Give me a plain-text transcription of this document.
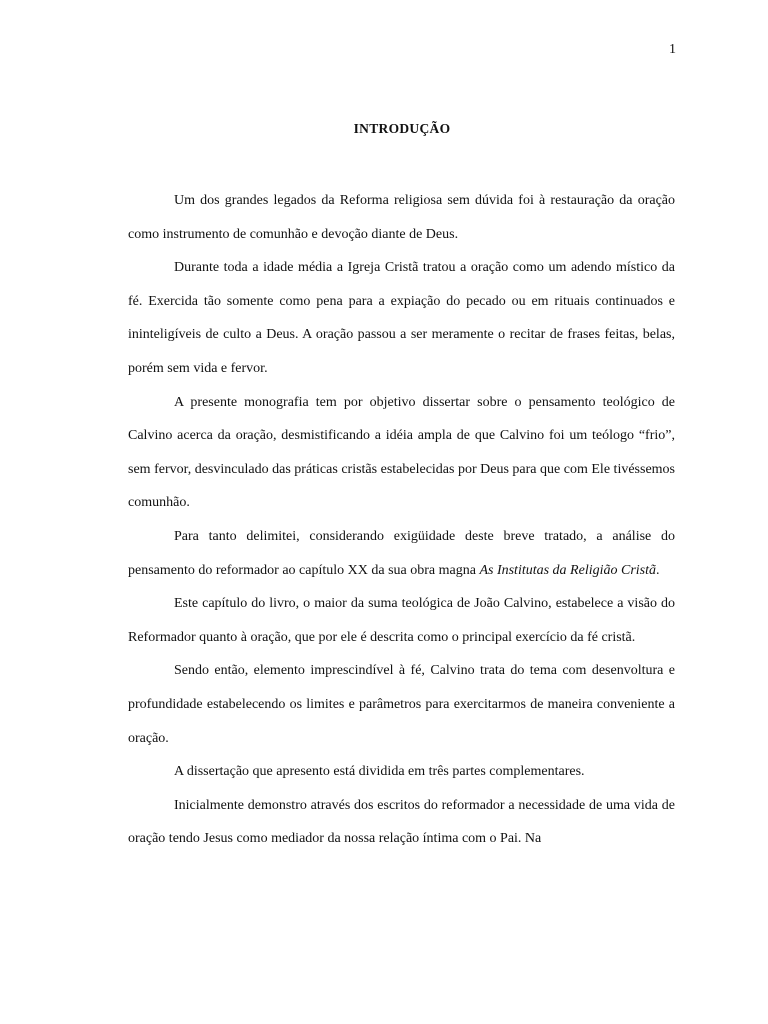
1
INTRODUÇÃO

Um dos grandes legados da Reforma religiosa sem dúvida foi à restauração da oração como instrumento de comunhão e devoção diante de Deus.

Durante toda a idade média a Igreja Cristã tratou a oração como um adendo místico da fé. Exercida tão somente como pena para a expiação do pecado ou em rituais continuados e ininteligíveis de culto a Deus. A oração passou a ser meramente o recitar de frases feitas, belas, porém sem vida e fervor.

A presente monografia tem por objetivo dissertar sobre o pensamento teológico de Calvino acerca da oração, desmistificando a idéia ampla de que Calvino foi um teólogo “frio”, sem fervor, desvinculado das práticas cristãs estabelecidas por Deus para que com Ele tivéssemos comunhão.

Para tanto delimitei, considerando exigüidade deste breve tratado, a análise do pensamento do reformador ao capítulo XX da sua obra magna As Institutas da Religião Cristã.

Este capítulo do livro, o maior da suma teológica de João Calvino, estabelece a visão do Reformador quanto à oração, que por ele é descrita como o principal exercício da fé cristã.

Sendo então, elemento imprescindível à fé, Calvino trata do tema com desenvoltura e profundidade estabelecendo os limites e parâmetros para exercitarmos de maneira conveniente a oração.

A dissertação que apresento está dividida em três partes complementares.

Inicialmente demonstro através dos escritos do reformador a necessidade de uma vida de oração tendo Jesus como mediador da nossa relação íntima com o Pai. Na
